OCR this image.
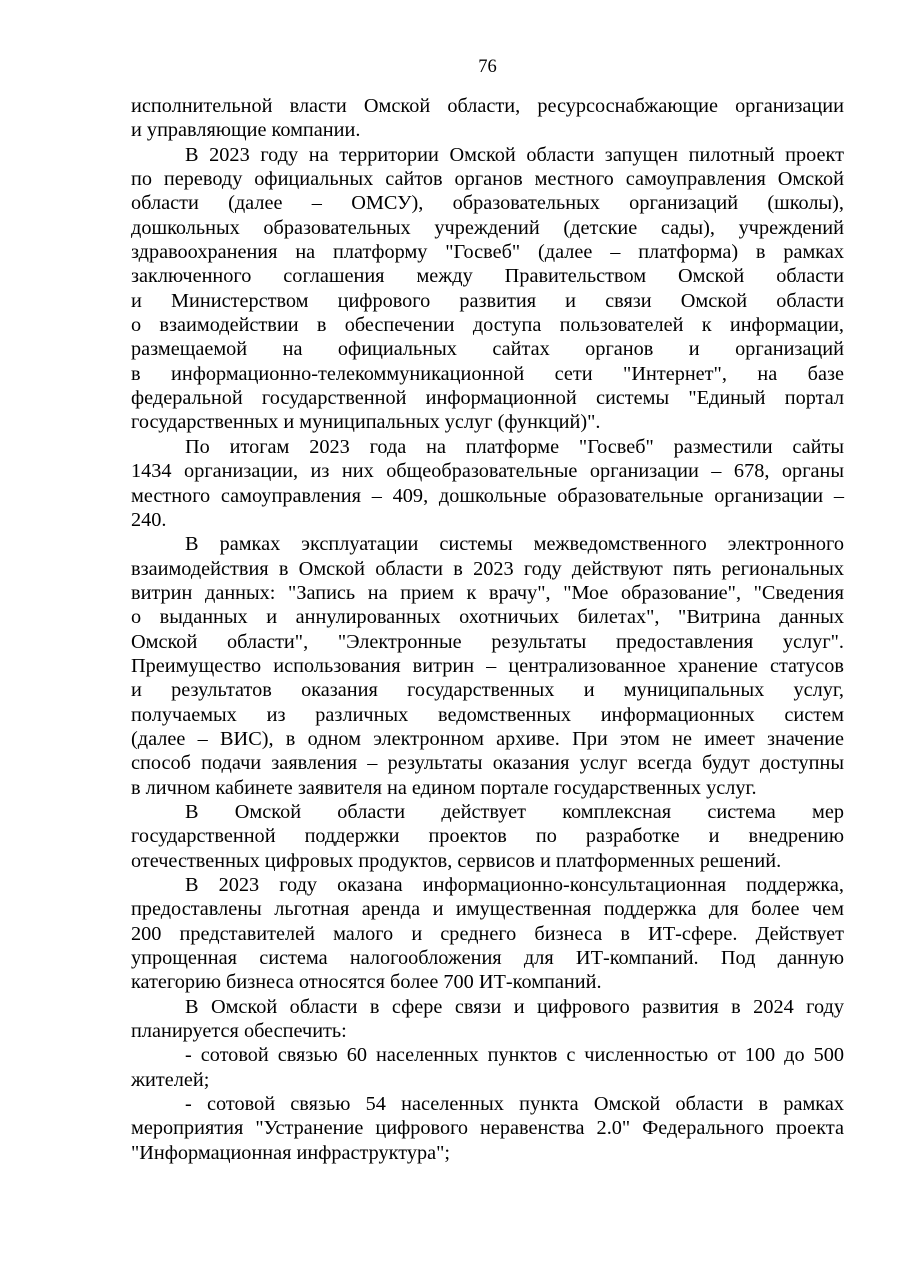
76
исполнительной власти Омской области, ресурсоснабжающие организации
и управляющие компании.
В 2023 году на территории Омской области запущен пилотный проект
по переводу официальных сайтов органов местного самоуправления Омской
области (далее – ОМСУ), образовательных организаций (школы),
дошкольных образовательных учреждений (детские сады), учреждений
здравоохранения на платформу "Госвеб" (далее – платформа) в рамках
заключенного соглашения между Правительством Омской области
и Министерством цифрового развития и связи Омской области
о взаимодействии в обеспечении доступа пользователей к информации,
размещаемой на официальных сайтах органов и организаций
в информационно-телекоммуникационной сети "Интернет", на базе
федеральной государственной информационной системы "Единый портал
государственных и муниципальных услуг (функций)".
По итогам 2023 года на платформе "Госвеб" разместили сайты
1434 организации, из них общеобразовательные организации – 678, органы
местного самоуправления – 409, дошкольные образовательные организации –
240.
В рамках эксплуатации системы межведомственного электронного
взаимодействия в Омской области в 2023 году действуют пять региональных
витрин данных: "Запись на прием к врачу", "Мое образование", "Сведения
о выданных и аннулированных охотничьих билетах", "Витрина данных
Омской области", "Электронные результаты предоставления услуг".
Преимущество использования витрин – централизованное хранение статусов
и результатов оказания государственных и муниципальных услуг,
получаемых из различных ведомственных информационных систем
(далее – ВИС), в одном электронном архиве. При этом не имеет значение
способ подачи заявления – результаты оказания услуг всегда будут доступны
в личном кабинете заявителя на едином портале государственных услуг.
В Омской области действует комплексная система мер
государственной поддержки проектов по разработке и внедрению
отечественных цифровых продуктов, сервисов и платформенных решений.
В 2023 году оказана информационно-консультационная поддержка,
предоставлены льготная аренда и имущественная поддержка для более чем
200 представителей малого и среднего бизнеса в ИТ-сфере. Действует
упрощенная система налогообложения для ИТ-компаний. Под данную
категорию бизнеса относятся более 700 ИТ-компаний.
В Омской области в сфере связи и цифрового развития в 2024 году
планируется обеспечить:
- сотовой связью 60 населенных пунктов с численностью от 100 до 500
жителей;
- сотовой связью 54 населенных пункта Омской области в рамках
мероприятия "Устранение цифрового неравенства 2.0" Федерального проекта
"Информационная инфраструктура";
